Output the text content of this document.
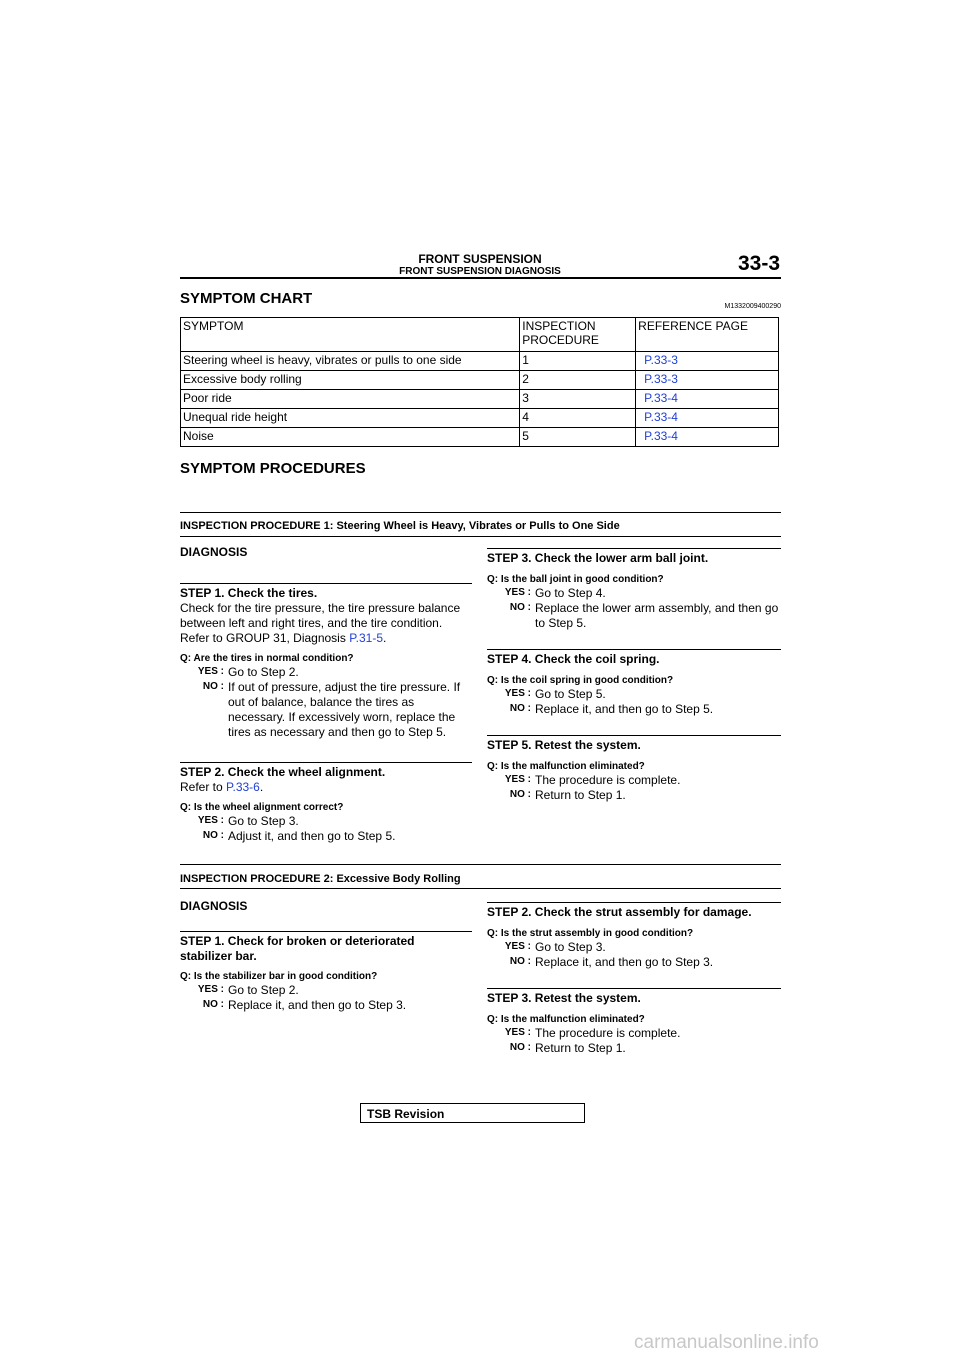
FRONT SUSPENSION
FRONT SUSPENSION DIAGNOSIS	33-3
SYMPTOM CHART	M1332009400290
SYMPTOM	INSPECTION PROCEDURE	REFERENCE PAGE
Steering wheel is heavy, vibrates or pulls to one side	1	P.33-3
Excessive body rolling	2	P.33-3
Poor ride	3	P.33-4
Unequal ride height	4	P.33-4
Noise	5	P.33-4
SYMPTOM PROCEDURES
INSPECTION PROCEDURE 1: Steering Wheel is Heavy, Vibrates or Pulls to One Side
DIAGNOSIS
STEP 1. Check the tires.
Check for the tire pressure, the tire pressure balance between left and right tires, and the tire condition. Refer to GROUP 31, Diagnosis P.31-5.
Q: Are the tires in normal condition?
YES : Go to Step 2.
NO : If out of pressure, adjust the tire pressure. If out of balance, balance the tires as necessary. If excessively worn, replace the tires as necessary and then go to Step 5.
STEP 2. Check the wheel alignment.
Refer to P.33-6.
Q: Is the wheel alignment correct?
YES : Go to Step 3.
NO : Adjust it, and then go to Step 5.
STEP 3. Check the lower arm ball joint.
Q: Is the ball joint in good condition?
YES : Go to Step 4.
NO : Replace the lower arm assembly, and then go to Step 5.
STEP 4. Check the coil spring.
Q: Is the coil spring in good condition?
YES : Go to Step 5.
NO : Replace it, and then go to Step 5.
STEP 5. Retest the system.
Q: Is the malfunction eliminated?
YES : The procedure is complete.
NO : Return to Step 1.
INSPECTION PROCEDURE 2: Excessive Body Rolling
DIAGNOSIS
STEP 1. Check for broken or deteriorated stabilizer bar.
Q: Is the stabilizer bar in good condition?
YES : Go to Step 2.
NO : Replace it, and then go to Step 3.
STEP 2. Check the strut assembly for damage.
Q: Is the strut assembly in good condition?
YES : Go to Step 3.
NO : Replace it, and then go to Step 3.
STEP 3. Retest the system.
Q: Is the malfunction eliminated?
YES : The procedure is complete.
NO : Return to Step 1.
TSB Revision
carmanualsonline.info
